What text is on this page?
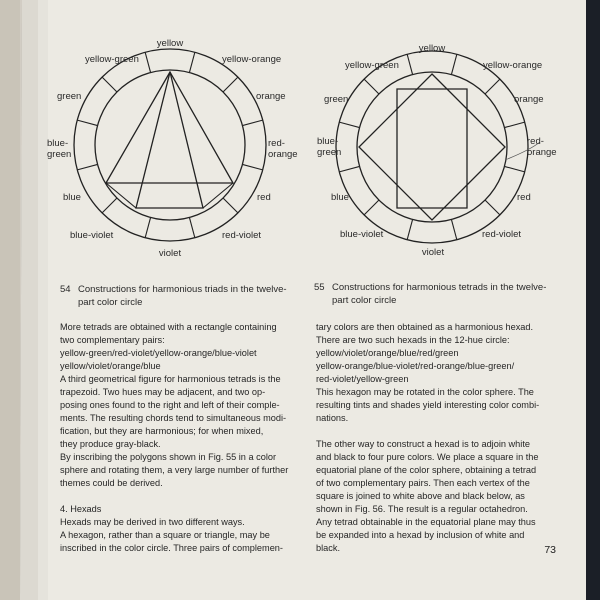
yellow
yellow-green	yellow-orange
green	orange
blue-
green
red-
orange
blue	red
blue-violet	red-violet
violet
yellow
yellow-green	yellow-orange
green	orange
blue-
green
red-
orange
blue	red
blue-violet	red-violet
violet
54 Constructions for harmonious triads in the twelve-
part color circle
55 Constructions for harmonious tetrads in the twelve-
part color circle
More tetrads are obtained with a rectangle containing
two complementary pairs:
yellow-green/red-violet/yellow-orange/blue-violet
yellow/violet/orange/blue
A third geometrical figure for harmonious tetrads is the
trapezoid. Two hues may be adjacent, and two op-
posing ones found to the right and left of their comple-
ments. The resulting chords tend to simultaneous modi-
fication, but they are harmonious; for when mixed,
they produce gray-black.
By inscribing the polygons shown in Fig. 55 in a color
sphere and rotating them, a very large number of further
themes could be derived.
4. Hexads
Hexads may be derived in two different ways.
A hexagon, rather than a square or triangle, may be
inscribed in the color circle. Three pairs of complemen-
tary colors are then obtained as a harmonious hexad.
There are two such hexads in the 12-hue circle:
yellow/violet/orange/blue/red/green
yellow-orange/blue-violet/red-orange/blue-green/
red-violet/yellow-green
This hexagon may be rotated in the color sphere. The
resulting tints and shades yield interesting color combi-
nations.
The other way to construct a hexad is to adjoin white
and black to four pure colors. We place a square in the
equatorial plane of the color sphere, obtaining a tetrad
of two complementary pairs. Then each vertex of the
square is joined to white above and black below, as
shown in Fig. 56. The result is a regular octahedron.
Any tetrad obtainable in the equatorial plane may thus
be expanded into a hexad by inclusion of white and
black.	73
